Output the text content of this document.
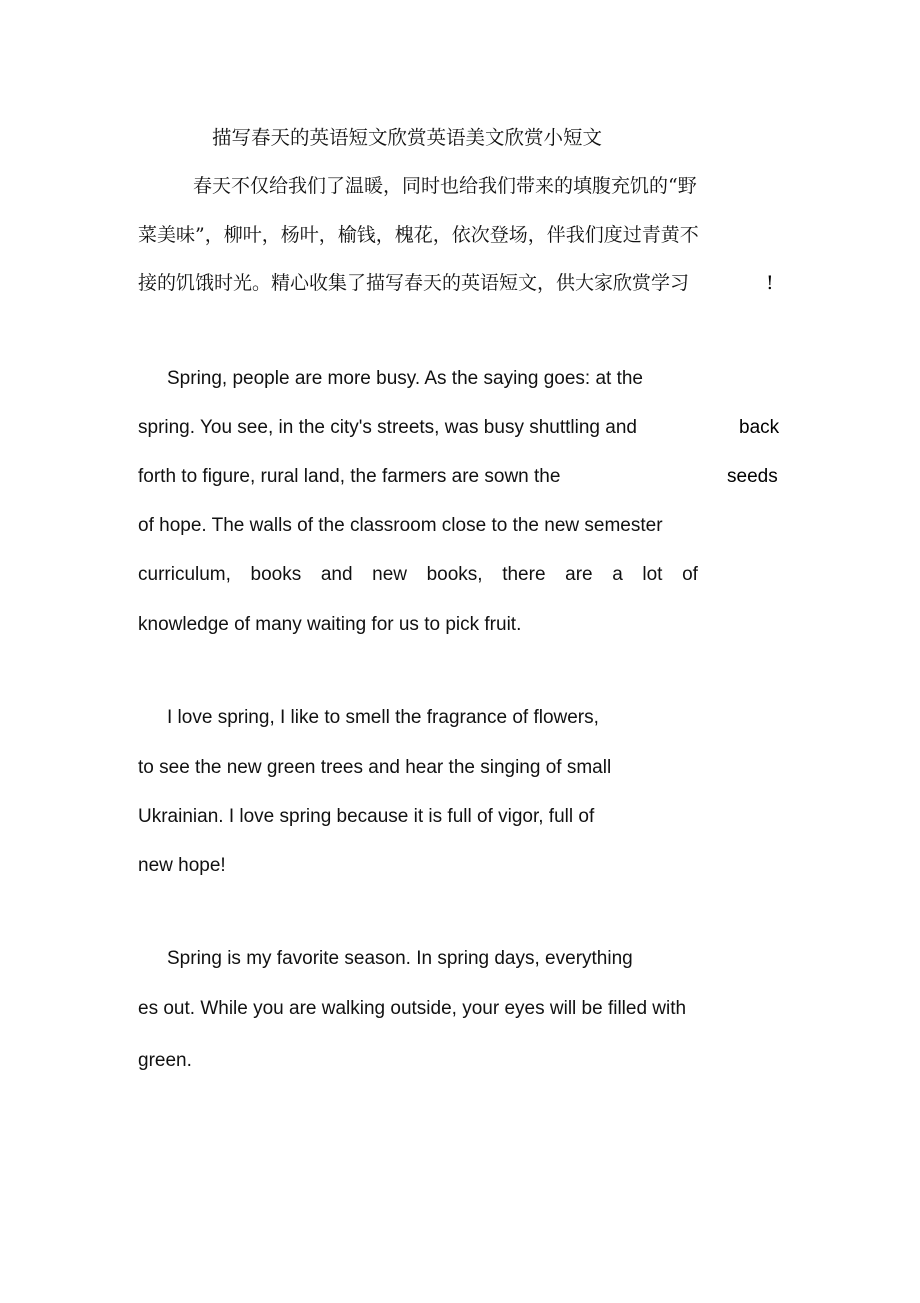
描写春天的英语短文欣赏英语美文欣赏小短文
春天不仅给我们了温暖，同时也给我们带来的填腹充饥的“野
菜美味”，柳叶，杨叶，榆钱，槐花，依次登场，伴我们度过青黄不
接的饥饿时光。精心收集了描写春天的英语短文，供大家欣赏学习	!
Spring, people are more busy. As the saying goes: at the
spring. You see, in the city's streets, was busy shuttling and	back
forth to figure, rural land, the farmers are sown the	seeds
of hope. The walls of the classroom close to the new semester
curriculum, books and new books, there are a lot of
knowledge of many waiting for us to pick fruit.
I love spring, I like to smell the fragrance of flowers,
to see the new green trees and hear the singing of small
Ukrainian. I love spring because it is full of vigor, full of
new hope!
Spring is my favorite season. In spring days, everything
es out. While you are walking outside, your eyes will be filled with
green.
